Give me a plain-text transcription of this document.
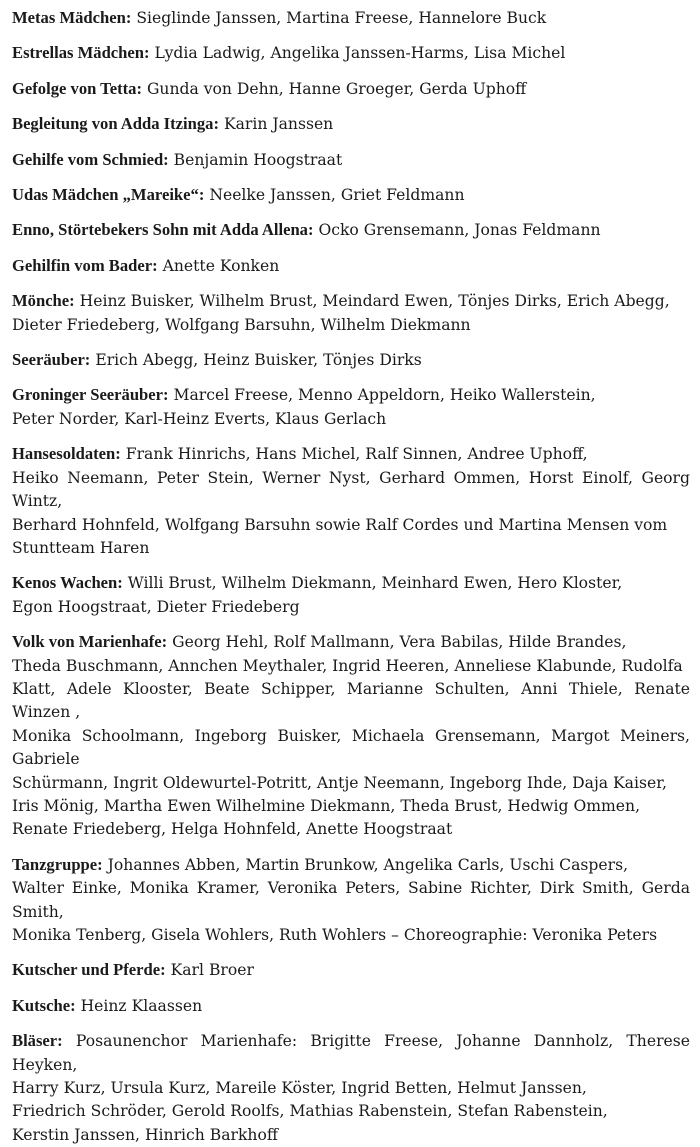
Metas Mädchen: Sieglinde Janssen, Martina Freese, Hannelore Buck

Estrellas Mädchen: Lydia Ladwig, Angelika Janssen-Harms, Lisa Michel

Gefolge von Tetta: Gunda von Dehn, Hanne Groeger, Gerda Uphoff

Begleitung von Adda Itzinga: Karin Janssen

Gehilfe vom Schmied: Benjamin Hoogstraat

Udas Mädchen „Mareike“: Neelke Janssen, Griet Feldmann

Enno, Störtebekers Sohn mit Adda Allena: Ocko Grensemann, Jonas Feldmann

Gehilfin vom Bader: Anette Konken

Mönche: Heinz Buisker, Wilhelm Brust, Meindard Ewen, Tönjes Dirks, Erich Abegg,
Dieter Friedeberg, Wolfgang Barsuhn, Wilhelm Diekmann

Seeräuber: Erich Abegg, Heinz Buisker, Tönjes Dirks

Groninger Seeräuber: Marcel Freese, Menno Appeldorn, Heiko Wallerstein,
Peter Norder, Karl-Heinz Everts, Klaus Gerlach

Hansesoldaten: Frank Hinrichs, Hans Michel, Ralf Sinnen, Andree Uphoff,
Heiko Neemann, Peter Stein, Werner Nyst, Gerhard Ommen, Horst Einolf, Georg Wintz,
Berhard Hohnfeld, Wolfgang Barsuhn sowie Ralf Cordes und Martina Mensen vom
Stuntteam Haren

Kenos Wachen: Willi Brust, Wilhelm Diekmann, Meinhard Ewen, Hero Kloster,
Egon Hoogstraat, Dieter Friedeberg

Volk von Marienhafe: Georg Hehl, Rolf Mallmann, Vera Babilas, Hilde Brandes,
Theda Buschmann, Annchen Meythaler, Ingrid Heeren, Anneliese Klabunde, Rudolfa
Klatt, Adele Klooster, Beate Schipper, Marianne Schulten, Anni Thiele, Renate Winzen ,
Monika Schoolmann, Ingeborg Buisker, Michaela Grensemann, Margot Meiners, Gabriele
Schürmann, Ingrit Oldewurtel-Potritt, Antje Neemann, Ingeborg Ihde, Daja Kaiser,
Iris Mönig, Martha Ewen Wilhelmine Diekmann, Theda Brust, Hedwig Ommen,
Renate Friedeberg, Helga Hohnfeld, Anette Hoogstraat

Tanzgruppe: Johannes Abben, Martin Brunkow, Angelika Carls, Uschi Caspers,
Walter Einke, Monika Kramer, Veronika Peters, Sabine Richter, Dirk Smith, Gerda Smith,
Monika Tenberg, Gisela Wohlers, Ruth Wohlers – Choreographie: Veronika Peters

Kutscher und Pferde: Karl Broer

Kutsche: Heinz Klaassen

Bläser: Posaunenchor Marienhafe: Brigitte Freese, Johanne Dannholz, Therese Heyken,
Harry Kurz, Ursula Kurz, Mareile Köster, Ingrid Betten, Helmut Janssen,
Friedrich Schröder, Gerold Roolfs, Mathias Rabenstein, Stefan Rabenstein,
Kerstin Janssen, Hinrich Barkhoff
